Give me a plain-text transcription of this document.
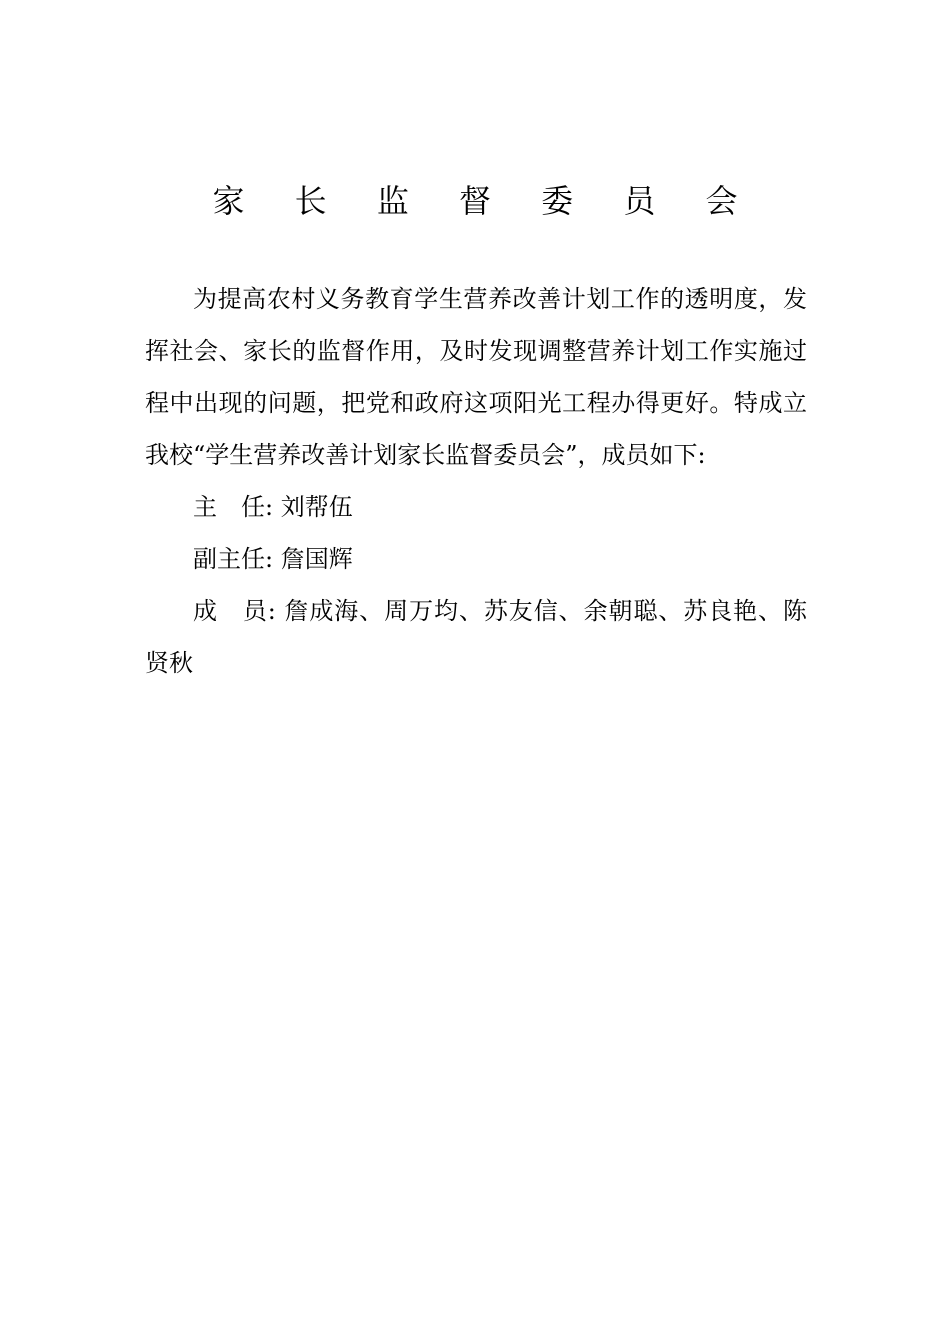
家 长 监 督 委 员 会

为提高农村义务教育学生营养改善计划工作的透明度，发挥社会、家长的监督作用，及时发现调整营养计划工作实施过程中出现的问题，把党和政府这项阳光工程办得更好。特成立我校“学生营养改善计划家长监督委员会”，成员如下:

主　任: 刘帮伍

副主任: 詹国辉

成　员: 詹成海、周万均、苏友信、余朝聪、苏良艳、陈贤秋
